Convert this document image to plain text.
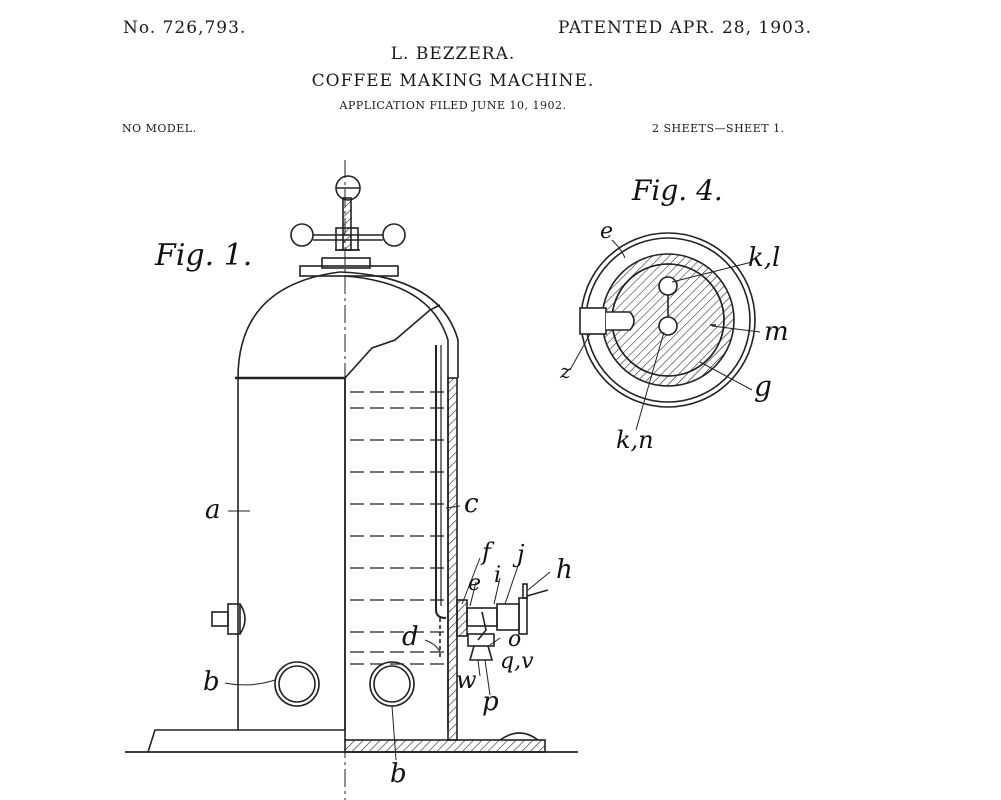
No. 726,793.	PATENTED APR. 28, 1903.
L. BEZZERA.
COFFEE MAKING MACHINE.
APPLICATION FILED JUNE 10, 1902.
NO MODEL.	2 SHEETS—SHEET 1.
Fig. 1.
a
b
b
c
d
e
f j
i h
o
q,v
w
p
Fig. 4.
e
k,l
m
g
k,n
z
